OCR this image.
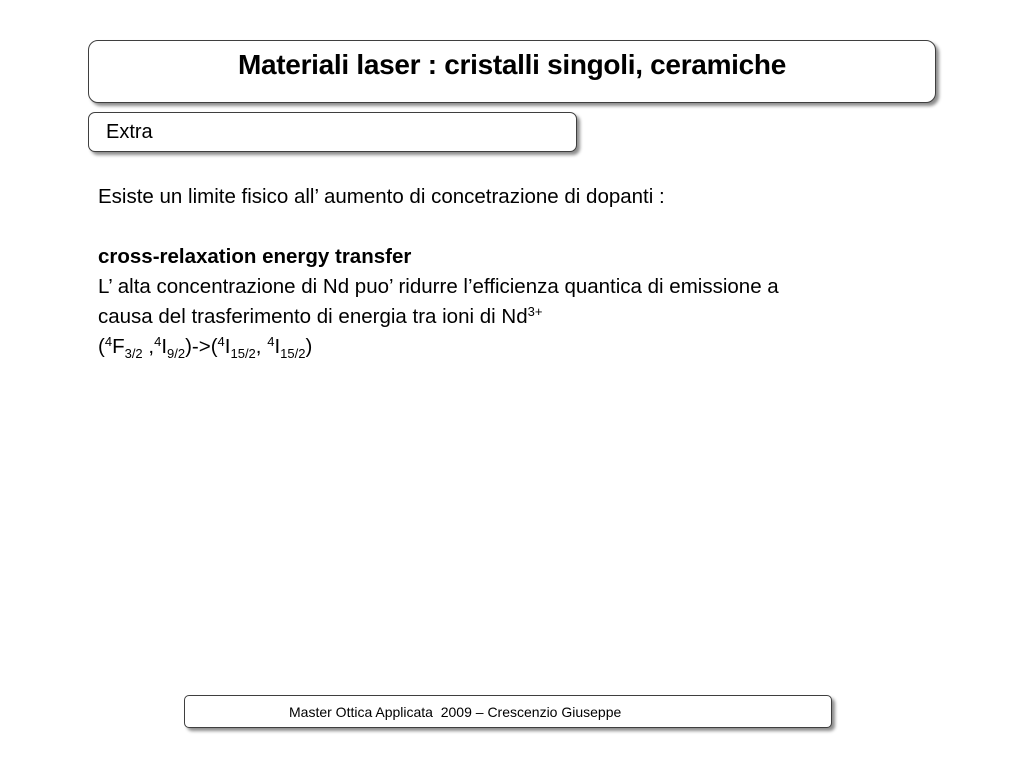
Materiali laser : cristalli singoli, ceramiche
Extra

Esiste un limite fisico all’ aumento di concetrazione di dopanti :

cross-relaxation energy transfer

L’ alta concentrazione di Nd puo’ ridurre l’efficienza quantica di emissione a

causa del trasferimento di energia tra ioni di $Nd^{3+}$

($^4F_{3/2}$ $,^4I_{9/2})->(^4I_{15/2}$, $^4I_{15/2}$)

Master Ottica Applicata  2009 – Crescenzio Giuseppe
